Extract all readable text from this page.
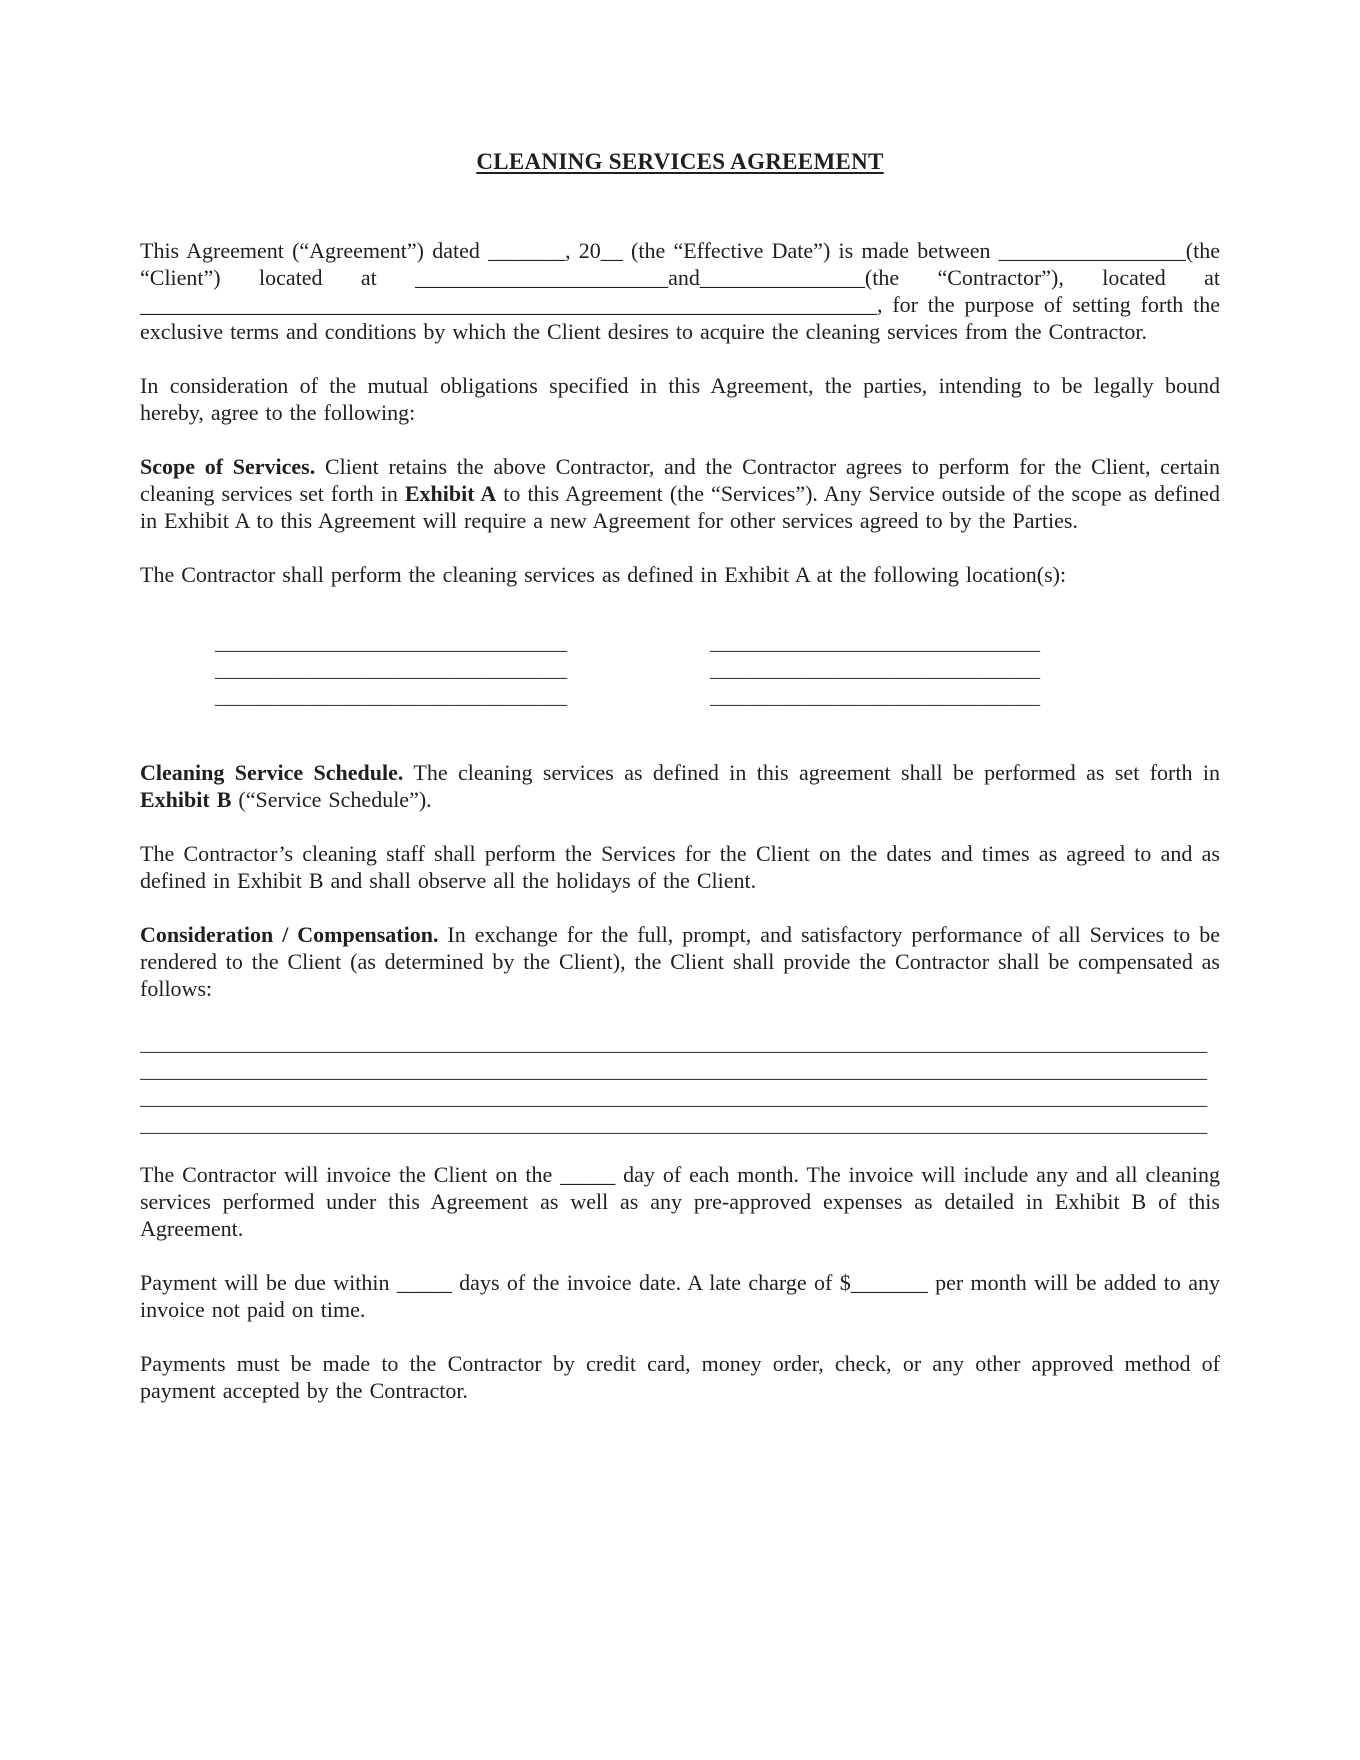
CLEANING SERVICES AGREEMENT

This Agreement (“Agreement”) dated _______, 20__ (the “Effective Date”) is made between _________________(the “Client”) located at _______________________and_______________(the “Contractor”), located at ___________________________________________________________________, for the purpose of setting forth the exclusive terms and conditions by which the Client desires to acquire the cleaning services from the Contractor.

In consideration of the mutual obligations specified in this Agreement, the parties, intending to be legally bound hereby, agree to the following:

Scope of Services. Client retains the above Contractor, and the Contractor agrees to perform for the Client, certain cleaning services set forth in Exhibit A to this Agreement (the “Services”). Any Service outside of the scope as defined in Exhibit A to this Agreement will require a new Agreement for other services agreed to by the Parties.

The Contractor shall perform the cleaning services as defined in Exhibit A at the following location(s):

________________________________	______________________________
________________________________	______________________________
________________________________	______________________________

Cleaning Service Schedule. The cleaning services as defined in this agreement shall be performed as set forth in Exhibit B (“Service Schedule”).

The Contractor’s cleaning staff shall perform the Services for the Client on the dates and times as agreed to and as defined in Exhibit B and shall observe all the holidays of the Client.

Consideration / Compensation. In exchange for the full, prompt, and satisfactory performance of all Services to be rendered to the Client (as determined by the Client), the Client shall provide the Contractor shall be compensated as follows:

_________________________________________________________________________________________________
_________________________________________________________________________________________________
_________________________________________________________________________________________________
_________________________________________________________________________________________________

The Contractor will invoice the Client on the _____ day of each month. The invoice will include any and all cleaning services performed under this Agreement as well as any pre-approved expenses as detailed in Exhibit B of this Agreement.

Payment will be due within _____ days of the invoice date. A late charge of $_______ per month will be added to any invoice not paid on time.

Payments must be made to the Contractor by credit card, money order, check, or any other approved method of payment accepted by the Contractor.
